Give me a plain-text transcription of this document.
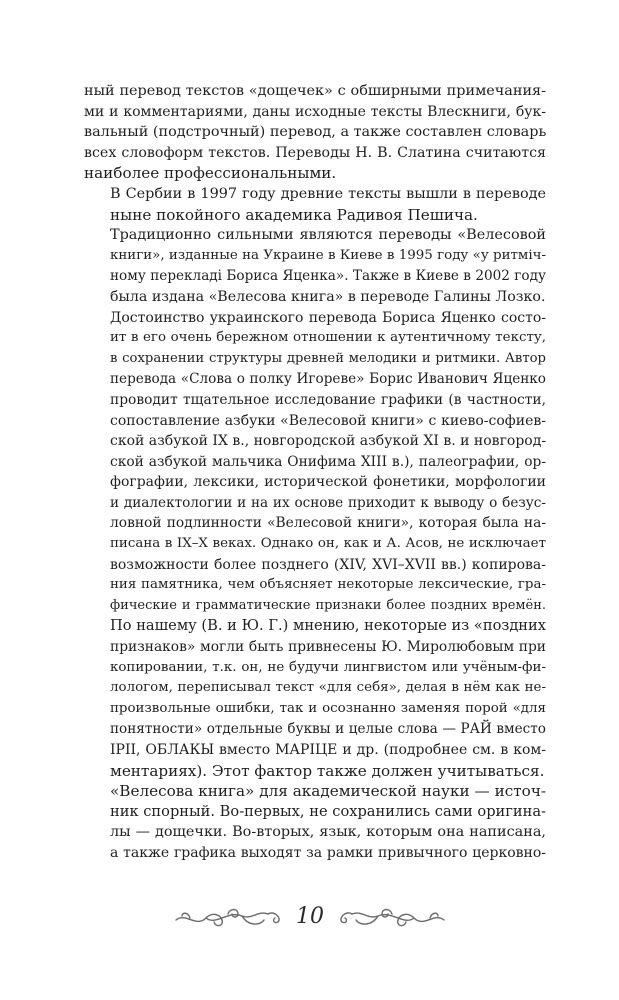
ный перевод текстов «дощечек» с обширными примечания-
ми и комментариями, даны исходные тексты Влескниги, бук-
вальный (подстрочный) перевод, а также составлен словарь
всех словоформ текстов. Переводы Н. В. Слатина считаются
наиболее профессиональными.

В Сербии в 1997 году древние тексты вышли в переводе
ныне покойного академика Радивоя Пешича.

Традиционно сильными являются переводы «Велесовой
книги», изданные на Украине в Киеве в 1995 году «у ритміч-
ному перекладі Бориса Яценка». Также в Киеве в 2002 году
была издана «Велесова книга» в переводе Галины Лозко.

Достоинство украинского перевода Бориса Яценко состо-
ит в его очень бережном отношении к аутентичному тексту,
в сохранении структуры древней мелодики и ритмики. Автор
перевода «Слова о полку Игореве» Борис Иванович Яценко
проводит тщательное исследование графики (в частности,
сопоставление азбуки «Велесовой книги» с киево-софиев-
ской азбукой IX в., новгородской азбукой XI в. и новгород-
ской азбукой мальчика Онифима XIII в.), палеографии, ор-
фографии, лексики, исторической фонетики, морфологии
и диалектологии и на их основе приходит к выводу о безус-
ловной подлинности «Велесовой книги», которая была на-
писана в IX–X веках. Однако он, как и А. Асов, не исключает
возможности более позднего (XIV, XVI–XVII вв.) копирова-
ния памятника, чем объясняет некоторые лексические, гра-
фические и грамматические признаки более поздних времён.
По нашему (В. и Ю. Г.) мнению, некоторые из «поздних
признаков» могли быть привнесены Ю. Миролюбовым при
копировании, т.к. он, не будучи лингвистом или учёным-фи-
лологом, переписывал текст «для себя», делая в нём как не-
произвольные ошибки, так и осознанно заменяя порой «для
понятности» отдельные буквы и целые слова — РАЙ вместо
ІРІІ, ОБЛАКЫ вместо МАРІЦЕ и др. (подробнее см. в ком-
ментариях). Этот фактор также должен учитываться.

«Велесова книга» для академической науки — источ-
ник спорный. Во-первых, не сохранились сами оригина-
лы — дощечки. Во-вторых, язык, которым она написана,
а также графика выходят за рамки привычного церковно-

10
